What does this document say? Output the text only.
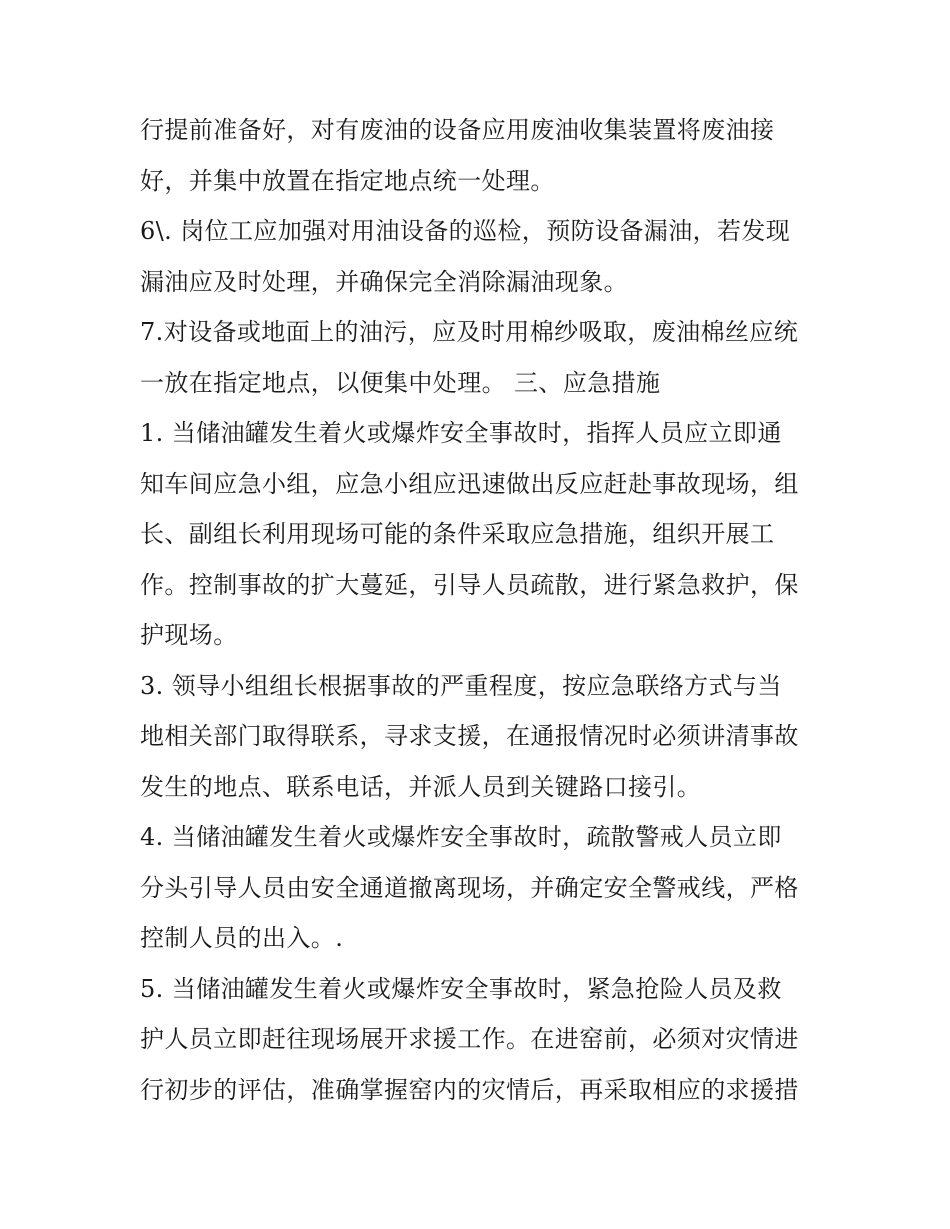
行提前准备好，对有废油的设备应用废油收集装置将废油接
好，并集中放置在指定地点统一处理。
6\. 岗位工应加强对用油设备的巡检，预防设备漏油，若发现
漏油应及时处理，并确保完全消除漏油现象。
7.对设备或地面上的油污，应及时用棉纱吸取，废油棉丝应统
一放在指定地点，以便集中处理。 三、应急措施
1. 当储油罐发生着火或爆炸安全事故时，指挥人员应立即通
知车间应急小组，应急小组应迅速做出反应赶赴事故现场，组
长、副组长利用现场可能的条件采取应急措施，组织开展工
作。控制事故的扩大蔓延，引导人员疏散，进行紧急救护，保
护现场。
3. 领导小组组长根据事故的严重程度，按应急联络方式与当
地相关部门取得联系，寻求支援，在通报情况时必须讲清事故
发生的地点、联系电话，并派人员到关键路口接引。
4. 当储油罐发生着火或爆炸安全事故时，疏散警戒人员立即
分头引导人员由安全通道撤离现场，并确定安全警戒线，严格
控制人员的出入。.
5. 当储油罐发生着火或爆炸安全事故时，紧急抢险人员及救
护人员立即赶往现场展开求援工作。在进窑前，必须对灾情进
行初步的评估，准确掌握窑内的灾情后，再采取相应的求援措
